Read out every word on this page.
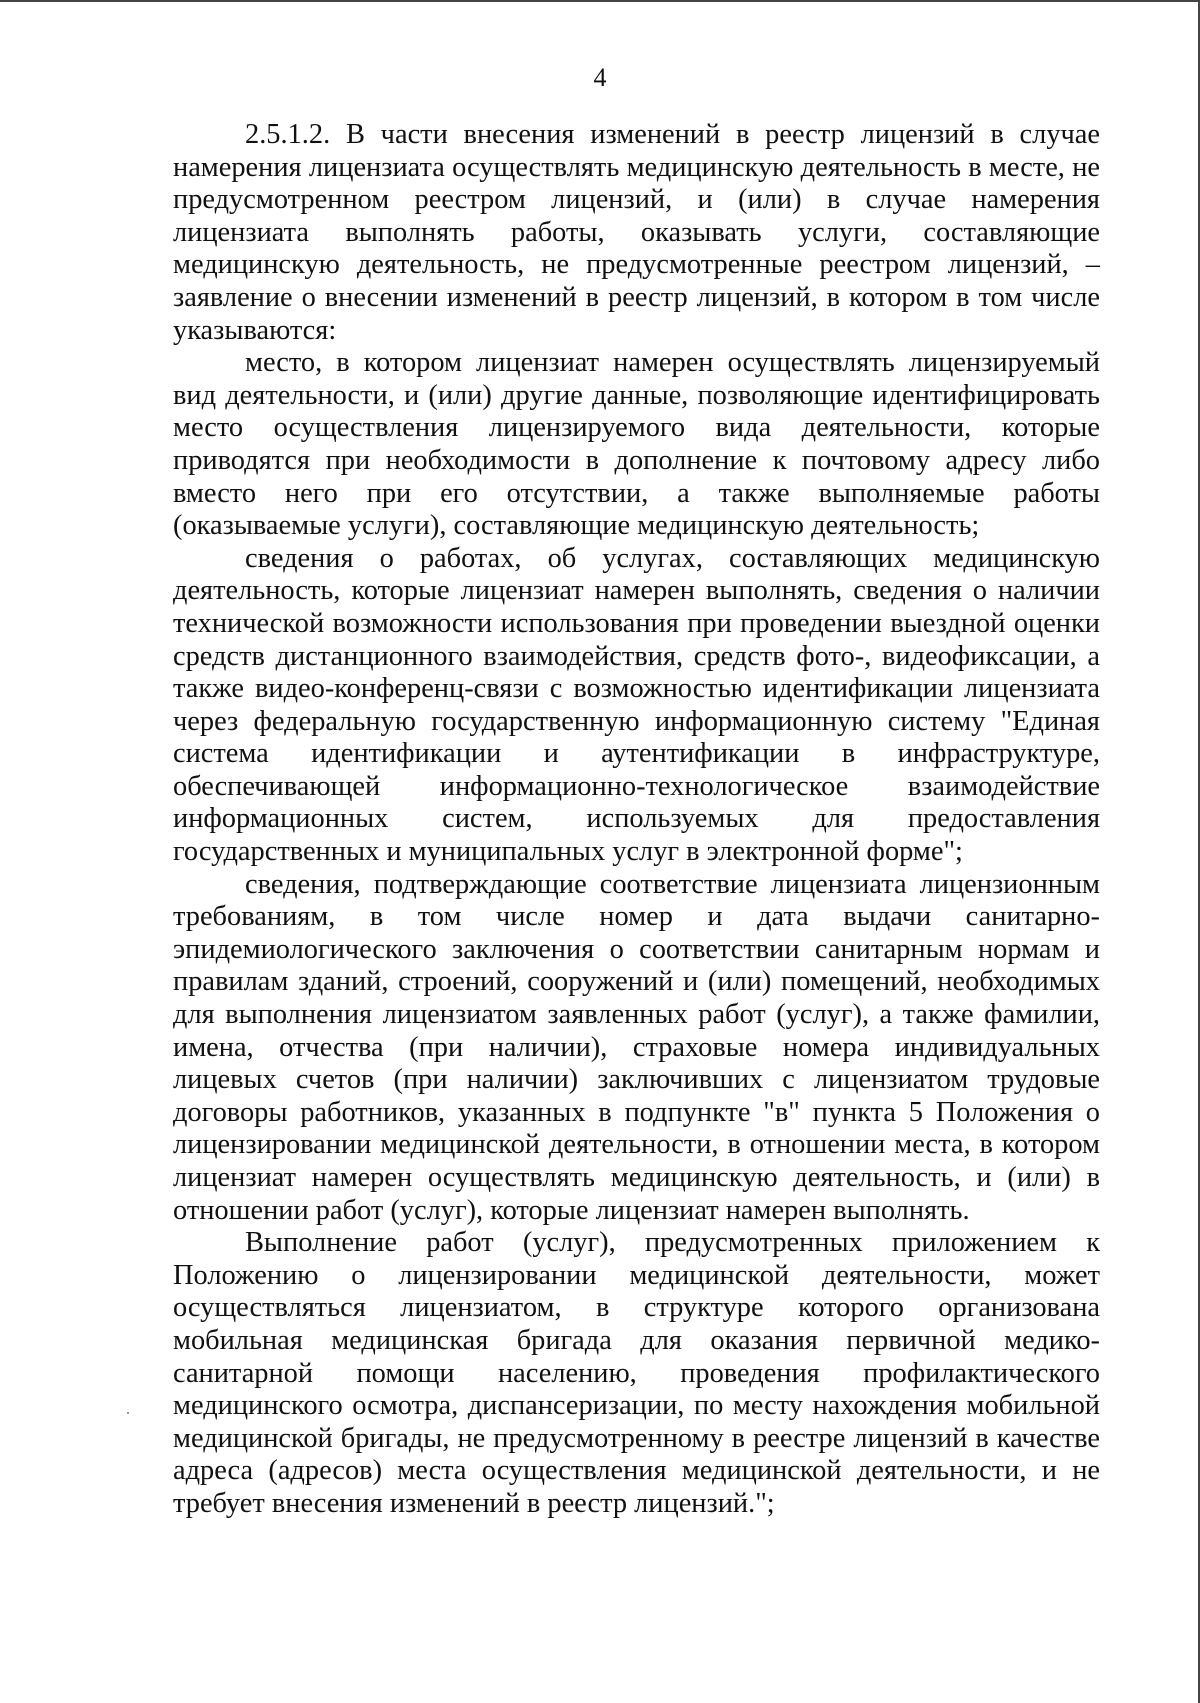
4

2.5.1.2. В части внесения изменений в реестр лицензий в случае намерения лицензиата осуществлять медицинскую деятельность в месте, не предусмотренном реестром лицензий, и (или) в случае намерения лицензиата выполнять работы, оказывать услуги, составляющие медицинскую деятельность, не предусмотренные реестром лицензий, – заявление о внесении изменений в реестр лицензий, в котором в том числе указываются:

место, в котором лицензиат намерен осуществлять лицензируемый вид деятельности, и (или) другие данные, позволяющие идентифицировать место осуществления лицензируемого вида деятельности, которые приводятся при необходимости в дополнение к почтовому адресу либо вместо него при его отсутствии, а также выполняемые работы (оказываемые услуги), составляющие медицинскую деятельность;

сведения о работах, об услугах, составляющих медицинскую деятельность, которые лицензиат намерен выполнять, сведения о наличии технической возможности использования при проведении выездной оценки средств дистанционного взаимодействия, средств фото-, видеофиксации, а также видео-конференц-связи с возможностью идентификации лицензиата через федеральную государственную информационную систему "Единая система идентификации и аутентификации в инфраструктуре, обеспечивающей информационно-технологическое взаимодействие информационных систем, используемых для предоставления государственных и муниципальных услуг в электронной форме";

сведения, подтверждающие соответствие лицензиата лицензионным требованиям, в том числе номер и дата выдачи санитарно-эпидемиологического заключения о соответствии санитарным нормам и правилам зданий, строений, сооружений и (или) помещений, необходимых для выполнения лицензиатом заявленных работ (услуг), а также фамилии, имена, отчества (при наличии), страховые номера индивидуальных лицевых счетов (при наличии) заключивших с лицензиатом трудовые договоры работников, указанных в подпункте "в" пункта 5 Положения о лицензировании медицинской деятельности, в отношении места, в котором лицензиат намерен осуществлять медицинскую деятельность, и (или) в отношении работ (услуг), которые лицензиат намерен выполнять.

Выполнение работ (услуг), предусмотренных приложением к Положению о лицензировании медицинской деятельности, может осуществляться лицензиатом, в структуре которого организована мобильная медицинская бригада для оказания первичной медико-санитарной помощи населению, проведения профилактического медицинского осмотра, диспансеризации, по месту нахождения мобильной медицинской бригады, не предусмотренному в реестре лицензий в качестве адреса (адресов) места осуществления медицинской деятельности, и не требует внесения изменений в реестр лицензий.";
